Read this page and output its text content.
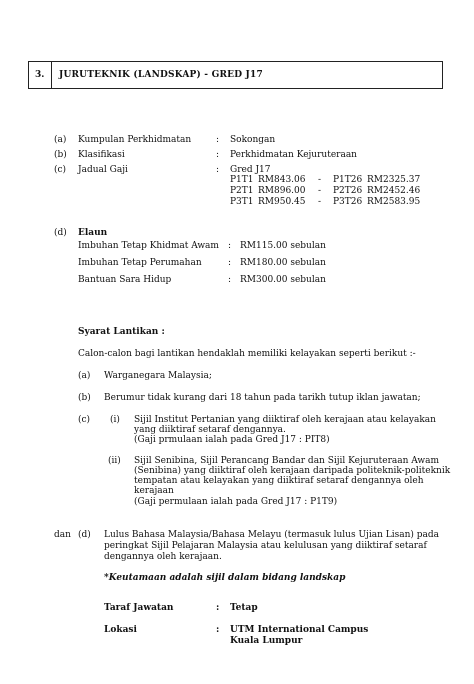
3. JURUTEKNIK (LANDSKAP) - GRED J17
(a) Kumpulan Perkhidmatan	: Sokongan
(b) Klasifikasi	: Perkhidmatan Kejuruteraan
(c) Jadual Gaji	: Gred J17
P1T1 RM843.06 - P1T26 RM2325.37
P2T1 RM896.00 - P2T26 RM2452.46
P3T1 RM950.45 - P3T26 RM2583.95
(d) Elaun
Imbuhan Tetap Khidmat Awam : RM115.00 sebulan
Imbuhan Tetap Perumahan	: RM180.00 sebulan
Bantuan Sara Hidup	: RM300.00 sebulan
Syarat Lantikan :
Calon-calon bagi lantikan hendaklah memiliki kelayakan seperti berikut :-
(a) Warganegara Malaysia;
(b) Berumur tidak kurang dari 18 tahun pada tarikh tutup iklan jawatan;
(c) (i) Sijil Institut Pertanian yang diiktiraf oleh kerajaan atau kelayakan
yang diiktiraf setaraf dengannya.
(Gaji prmulaan ialah pada Gred J17 : PIT8)
(ii) Sijil Senibina, Sijil Perancang Bandar dan Sijil Kejuruteraan Awam
(Senibina) yang diiktiraf oleh kerajaan daripada politeknik-politeknik
tempatan atau kelayakan yang diiktiraf setaraf dengannya oleh
kerajaan
(Gaji permulaan ialah pada Gred J17 : P1T9)
dan (d) Lulus Bahasa Malaysia/Bahasa Melayu (termasuk lulus Ujian Lisan) pada
peringkat Sijil Pelajaran Malaysia atau kelulusan yang diiktiraf setaraf
dengannya oleh kerajaan.
*Keutamaan adalah sijil dalam bidang landskap
Taraf Jawatan	: Tetap
Lokasi	: UTM International Campus
Kuala Lumpur
